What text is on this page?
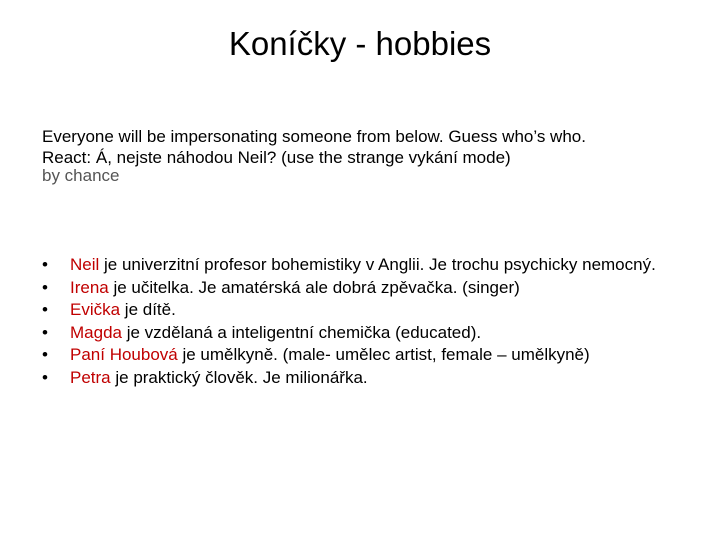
Koníčky - hobbies

Everyone will be impersonating someone from below. Guess who’s who.

React: Á, nejste náhodou Neil? (use the strange vykání mode)

by chance

• Neil je univerzitní profesor bohemistiky v Anglii. Je trochu psychicky nemocný.
• Irena je učitelka. Je amatérská ale dobrá zpěvačka. (singer)
• Evička je dítě.
• Magda je vzdělaná a inteligentní chemička (educated).
• Paní Houbová je umělkyně. (male- umělec artist, female – umělkyně)
• Petra je praktický člověk. Je milionářka.
